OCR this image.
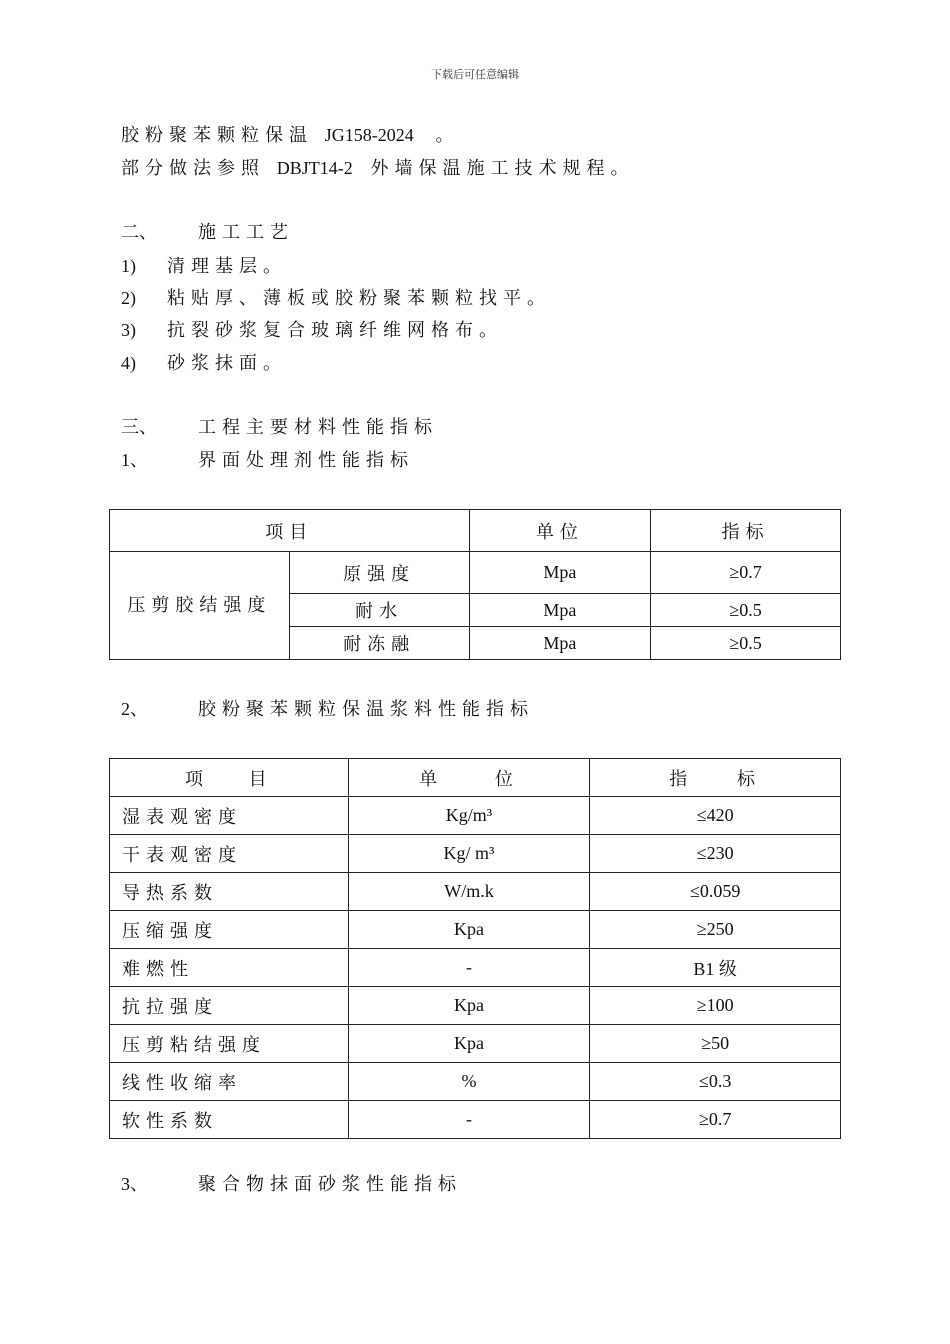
下载后可任意编辑
胶粉聚苯颗粒保温 JG158-2024 。
部分做法参照 DBJT14-2 外墙保温施工技术规程。
二、 施工工艺
1) 清理基层。
2) 粘贴厚、薄板或胶粉聚苯颗粒找平。
3) 抗裂砂浆复合玻璃纤维网格布。
4) 砂浆抹面。
三、 工程主要材料性能指标
1、	界面处理剂性能指标
项目		单位	指标
压剪胶结强度	原强度	Mpa	≥0.7
	耐水	Mpa	≥0.5
	耐冻融	Mpa	≥0.5
2、	胶粉聚苯颗粒保温浆料性能指标
项 目	单 位	指 标
湿表观密度	Kg/m³	≤420
干表观密度	Kg/ m³	≤230
导热系数	W/m.k	≤0.059
压缩强度	Kpa	≥250
难燃性	-	B1 级
抗拉强度	Kpa	≥100
压剪粘结强度	Kpa	≥50
线性收缩率	%	≤0.3
软性系数	-	≥0.7
3、	聚合物抹面砂浆性能指标
